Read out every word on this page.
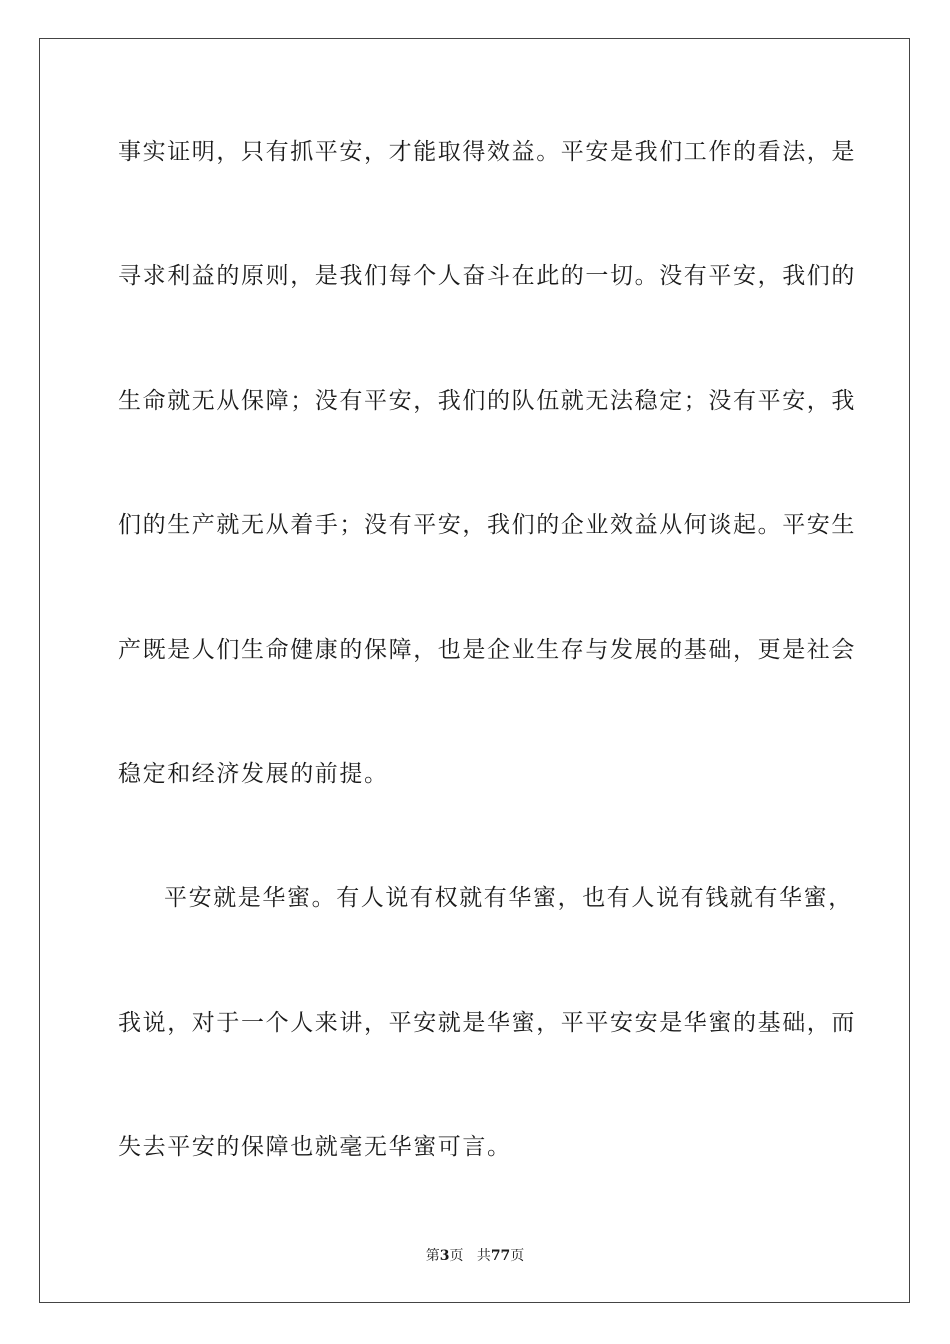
事实证明，只有抓平安，才能取得效益。平安是我们工作的看法，是
寻求利益的原则，是我们每个人奋斗在此的一切。没有平安，我们的
生命就无从保障；没有平安，我们的队伍就无法稳定；没有平安，我
们的生产就无从着手；没有平安，我们的企业效益从何谈起。平安生
产既是人们生命健康的保障，也是企业生存与发展的基础，更是社会
稳定和经济发展的前提。
平安就是华蜜。有人说有权就有华蜜，也有人说有钱就有华蜜，
我说，对于一个人来讲，平安就是华蜜，平平安安是华蜜的基础，而
失去平安的保障也就毫无华蜜可言。
第3页 共77页
